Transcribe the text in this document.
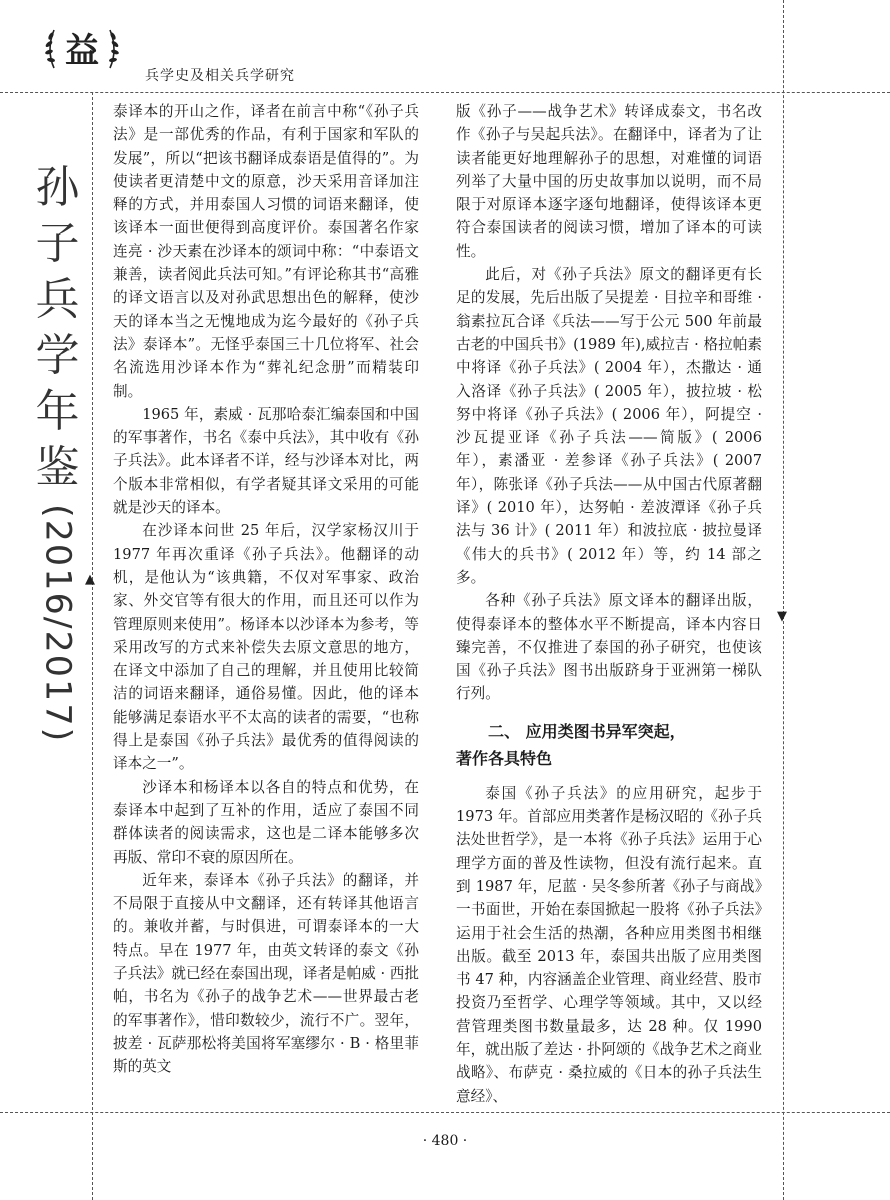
益
兵学史及相关兵学研究
孙
子
兵
学
年
鉴
(2016/2017) ▲
▼

泰译本的开山之作，译者在前言中称“《孙子兵法》是一部优秀的作品，有利于国家和军队的发展”，所以“把该书翻译成泰语是值得的”。为使读者更清楚中文的原意，沙天采用音译加注释的方式，并用泰国人习惯的词语来翻译，使该译本一面世便得到高度评价。泰国著名作家连亮 · 沙天素在沙译本的颂词中称：“中泰语文兼善，读者阅此兵法可知。”有评论称其书“高雅的译文语言以及对孙武思想出色的解释，使沙天的译本当之无愧地成为迄今最好的《孙子兵法》泰译本”。无怪乎泰国三十几位将军、社会名流选用沙译本作为“葬礼纪念册”而精装印制。

1965 年，素威 · 瓦那哈泰汇编泰国和中国的军事著作，书名《泰中兵法》，其中收有《孙子兵法》。此本译者不详，经与沙译本对比，两个版本非常相似，有学者疑其译文采用的可能就是沙天的译本。

在沙译本问世 25 年后，汉学家杨汉川于 1977 年再次重译《孙子兵法》。他翻译的动机，是他认为“该典籍，不仅对军事家、政治家、外交官等有很大的作用，而且还可以作为管理原则来使用”。杨译本以沙译本为参考，等采用改写的方式来补偿失去原文意思的地方，在译文中添加了自己的理解，并且使用比较简洁的词语来翻译，通俗易懂。因此，他的译本能够满足泰语水平不太高的读者的需要，“也称得上是泰国《孙子兵法》最优秀的值得阅读的译本之一”。

沙译本和杨译本以各自的特点和优势，在泰译本中起到了互补的作用，适应了泰国不同群体读者的阅读需求，这也是二译本能够多次再版、常印不衰的原因所在。

近年来，泰译本《孙子兵法》的翻译，并不局限于直接从中文翻译，还有转译其他语言的。兼收并蓄，与时俱进，可谓泰译本的一大特点。早在 1977 年，由英文转译的泰文《孙子兵法》就已经在泰国出现，译者是帕威 · 西批帕，书名为《孙子的战争艺术——世界最古老的军事著作》，惜印数较少，流行不广。翌年，披差 · 瓦萨那松将美国将军塞缪尔 · B · 格里菲斯的英文

版《孙子——战争艺术》转译成泰文，书名改作《孙子与吴起兵法》。在翻译中，译者为了让读者能更好地理解孙子的思想，对难懂的词语列举了大量中国的历史故事加以说明，而不局限于对原译本逐字逐句地翻译，使得该译本更符合泰国读者的阅读习惯，增加了译本的可读性。

此后，对《孙子兵法》原文的翻译更有长足的发展，先后出版了吴提差 · 目拉辛和哥维 · 翁素拉瓦合译《兵法——写于公元 500 年前最古老的中国兵书》(1989 年),威拉吉 · 格拉帕素中将译《孙子兵法》( 2004 年），杰撒达 · 通入洛译《孙子兵法》( 2005 年），披拉坡 · 松努中将译《孙子兵法》( 2006 年），阿提空 · 沙瓦提亚译《孙子兵法——简版》( 2006 年），素潘亚 · 差参译《孙子兵法》( 2007 年），陈张译《孙子兵法——从中国古代原著翻译》( 2010 年），达努帕 · 差波潭译《孙子兵法与 36 计》( 2011 年）和波拉底 · 披拉曼译《伟大的兵书》( 2012 年）等，约 14 部之多。

各种《孙子兵法》原文译本的翻译出版，使得泰译本的整体水平不断提高，译本内容日臻完善，不仅推进了泰国的孙子研究，也使该国《孙子兵法》图书出版跻身于亚洲第一梯队行列。

二、 应用类图书异军突起，
著作各具特色

泰国《孙子兵法》的应用研究，起步于 1973 年。首部应用类著作是杨汉昭的《孙子兵法处世哲学》，是一本将《孙子兵法》运用于心理学方面的普及性读物，但没有流行起来。直到 1987 年，尼蓝 · 吴冬参所著《孙子与商战》一书面世，开始在泰国掀起一股将《孙子兵法》运用于社会生活的热潮，各种应用类图书相继出版。截至 2013 年，泰国共出版了应用类图书 47 种，内容涵盖企业管理、商业经营、股市投资乃至哲学、心理学等领域。其中，又以经营管理类图书数量最多，达 28 种。仅 1990 年，就出版了差达 · 扑阿颂的《战争艺术之商业战略》、布萨克 · 桑拉威的《日本的孙子兵法生意经》、

· 480 ·
